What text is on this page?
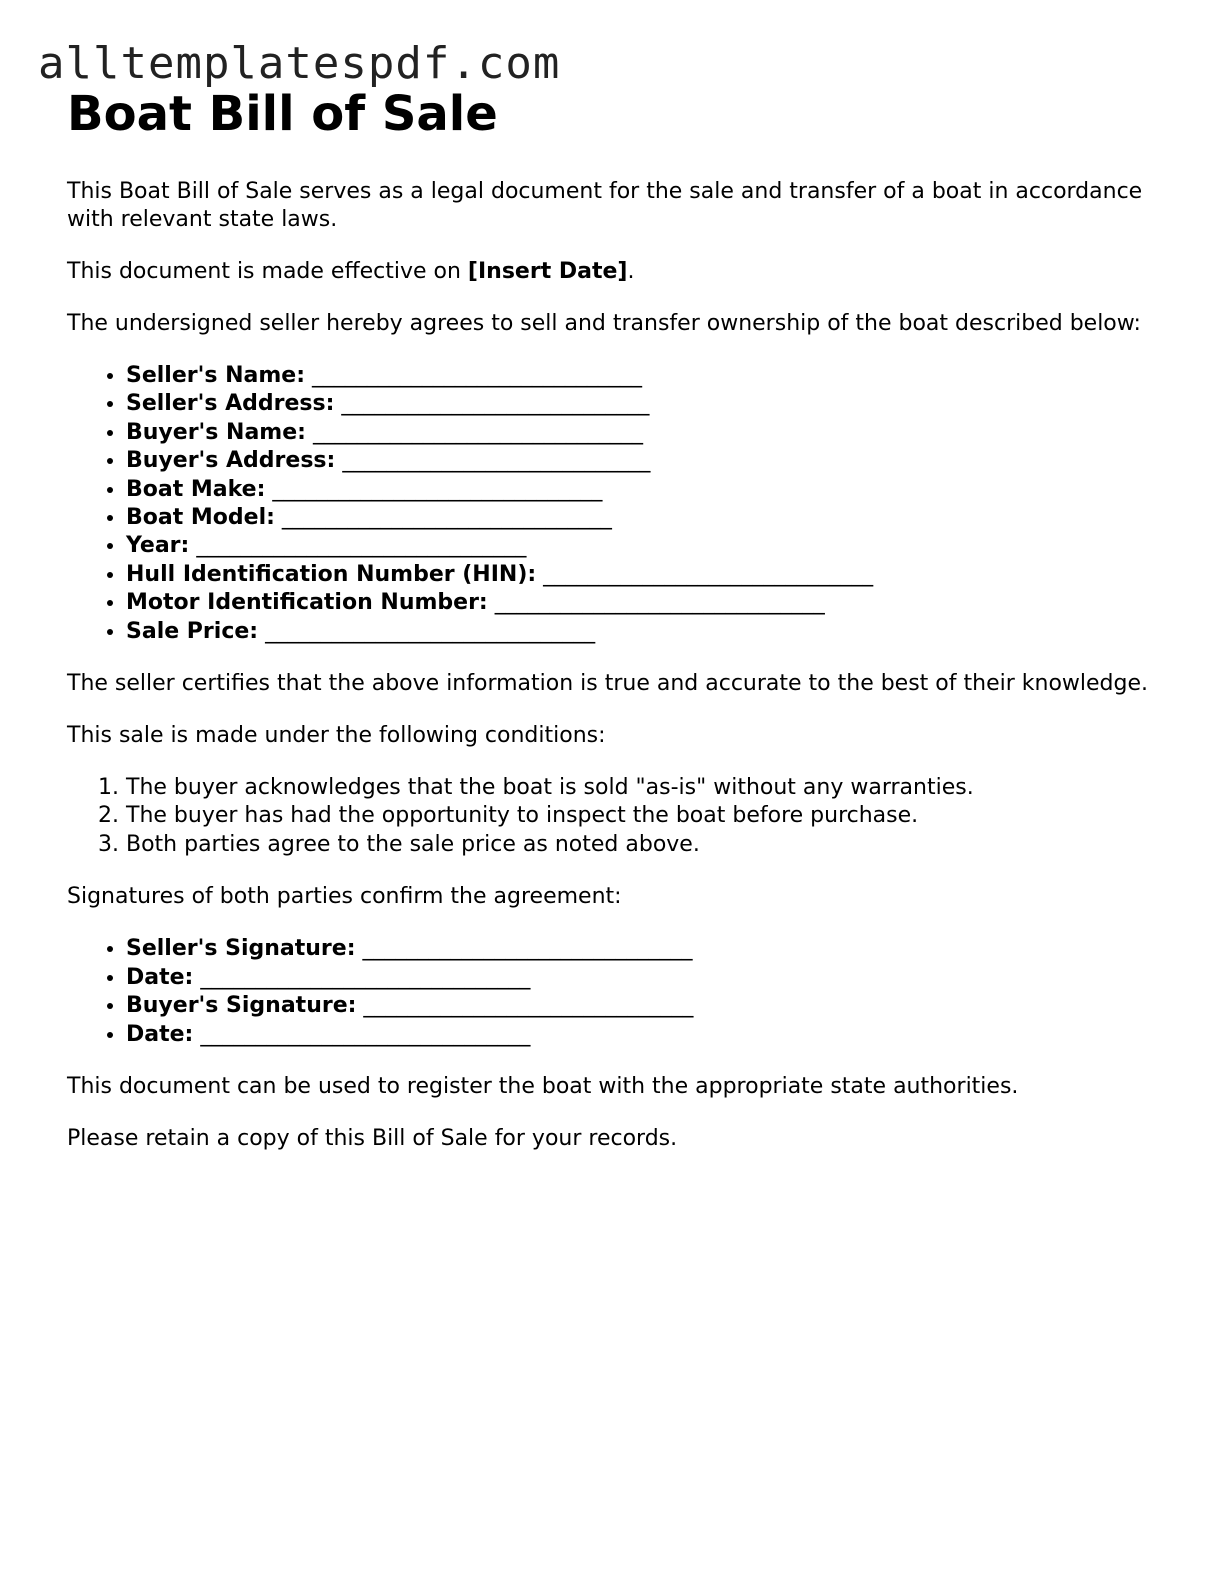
alltemplatespdf.com
Boat Bill of Sale

This Boat Bill of Sale serves as a legal document for the sale and transfer of a boat in accordance with relevant state laws.

This document is made effective on [Insert Date].

The undersigned seller hereby agrees to sell and transfer ownership of the boat described below:

• Seller's Name: ______________________________
• Seller's Address: ____________________________
• Buyer's Name: ______________________________
• Buyer's Address: ____________________________
• Boat Make: ______________________________
• Boat Model: ______________________________
• Year: ______________________________
• Hull Identification Number (HIN): ______________________________
• Motor Identification Number: ______________________________
• Sale Price: ______________________________

The seller certifies that the above information is true and accurate to the best of their knowledge.

This sale is made under the following conditions:

1. The buyer acknowledges that the boat is sold "as-is" without any warranties.
2. The buyer has had the opportunity to inspect the boat before purchase.
3. Both parties agree to the sale price as noted above.

Signatures of both parties confirm the agreement:

• Seller's Signature: ______________________________
• Date: ______________________________
• Buyer's Signature: ______________________________
• Date: ______________________________

This document can be used to register the boat with the appropriate state authorities.

Please retain a copy of this Bill of Sale for your records.
